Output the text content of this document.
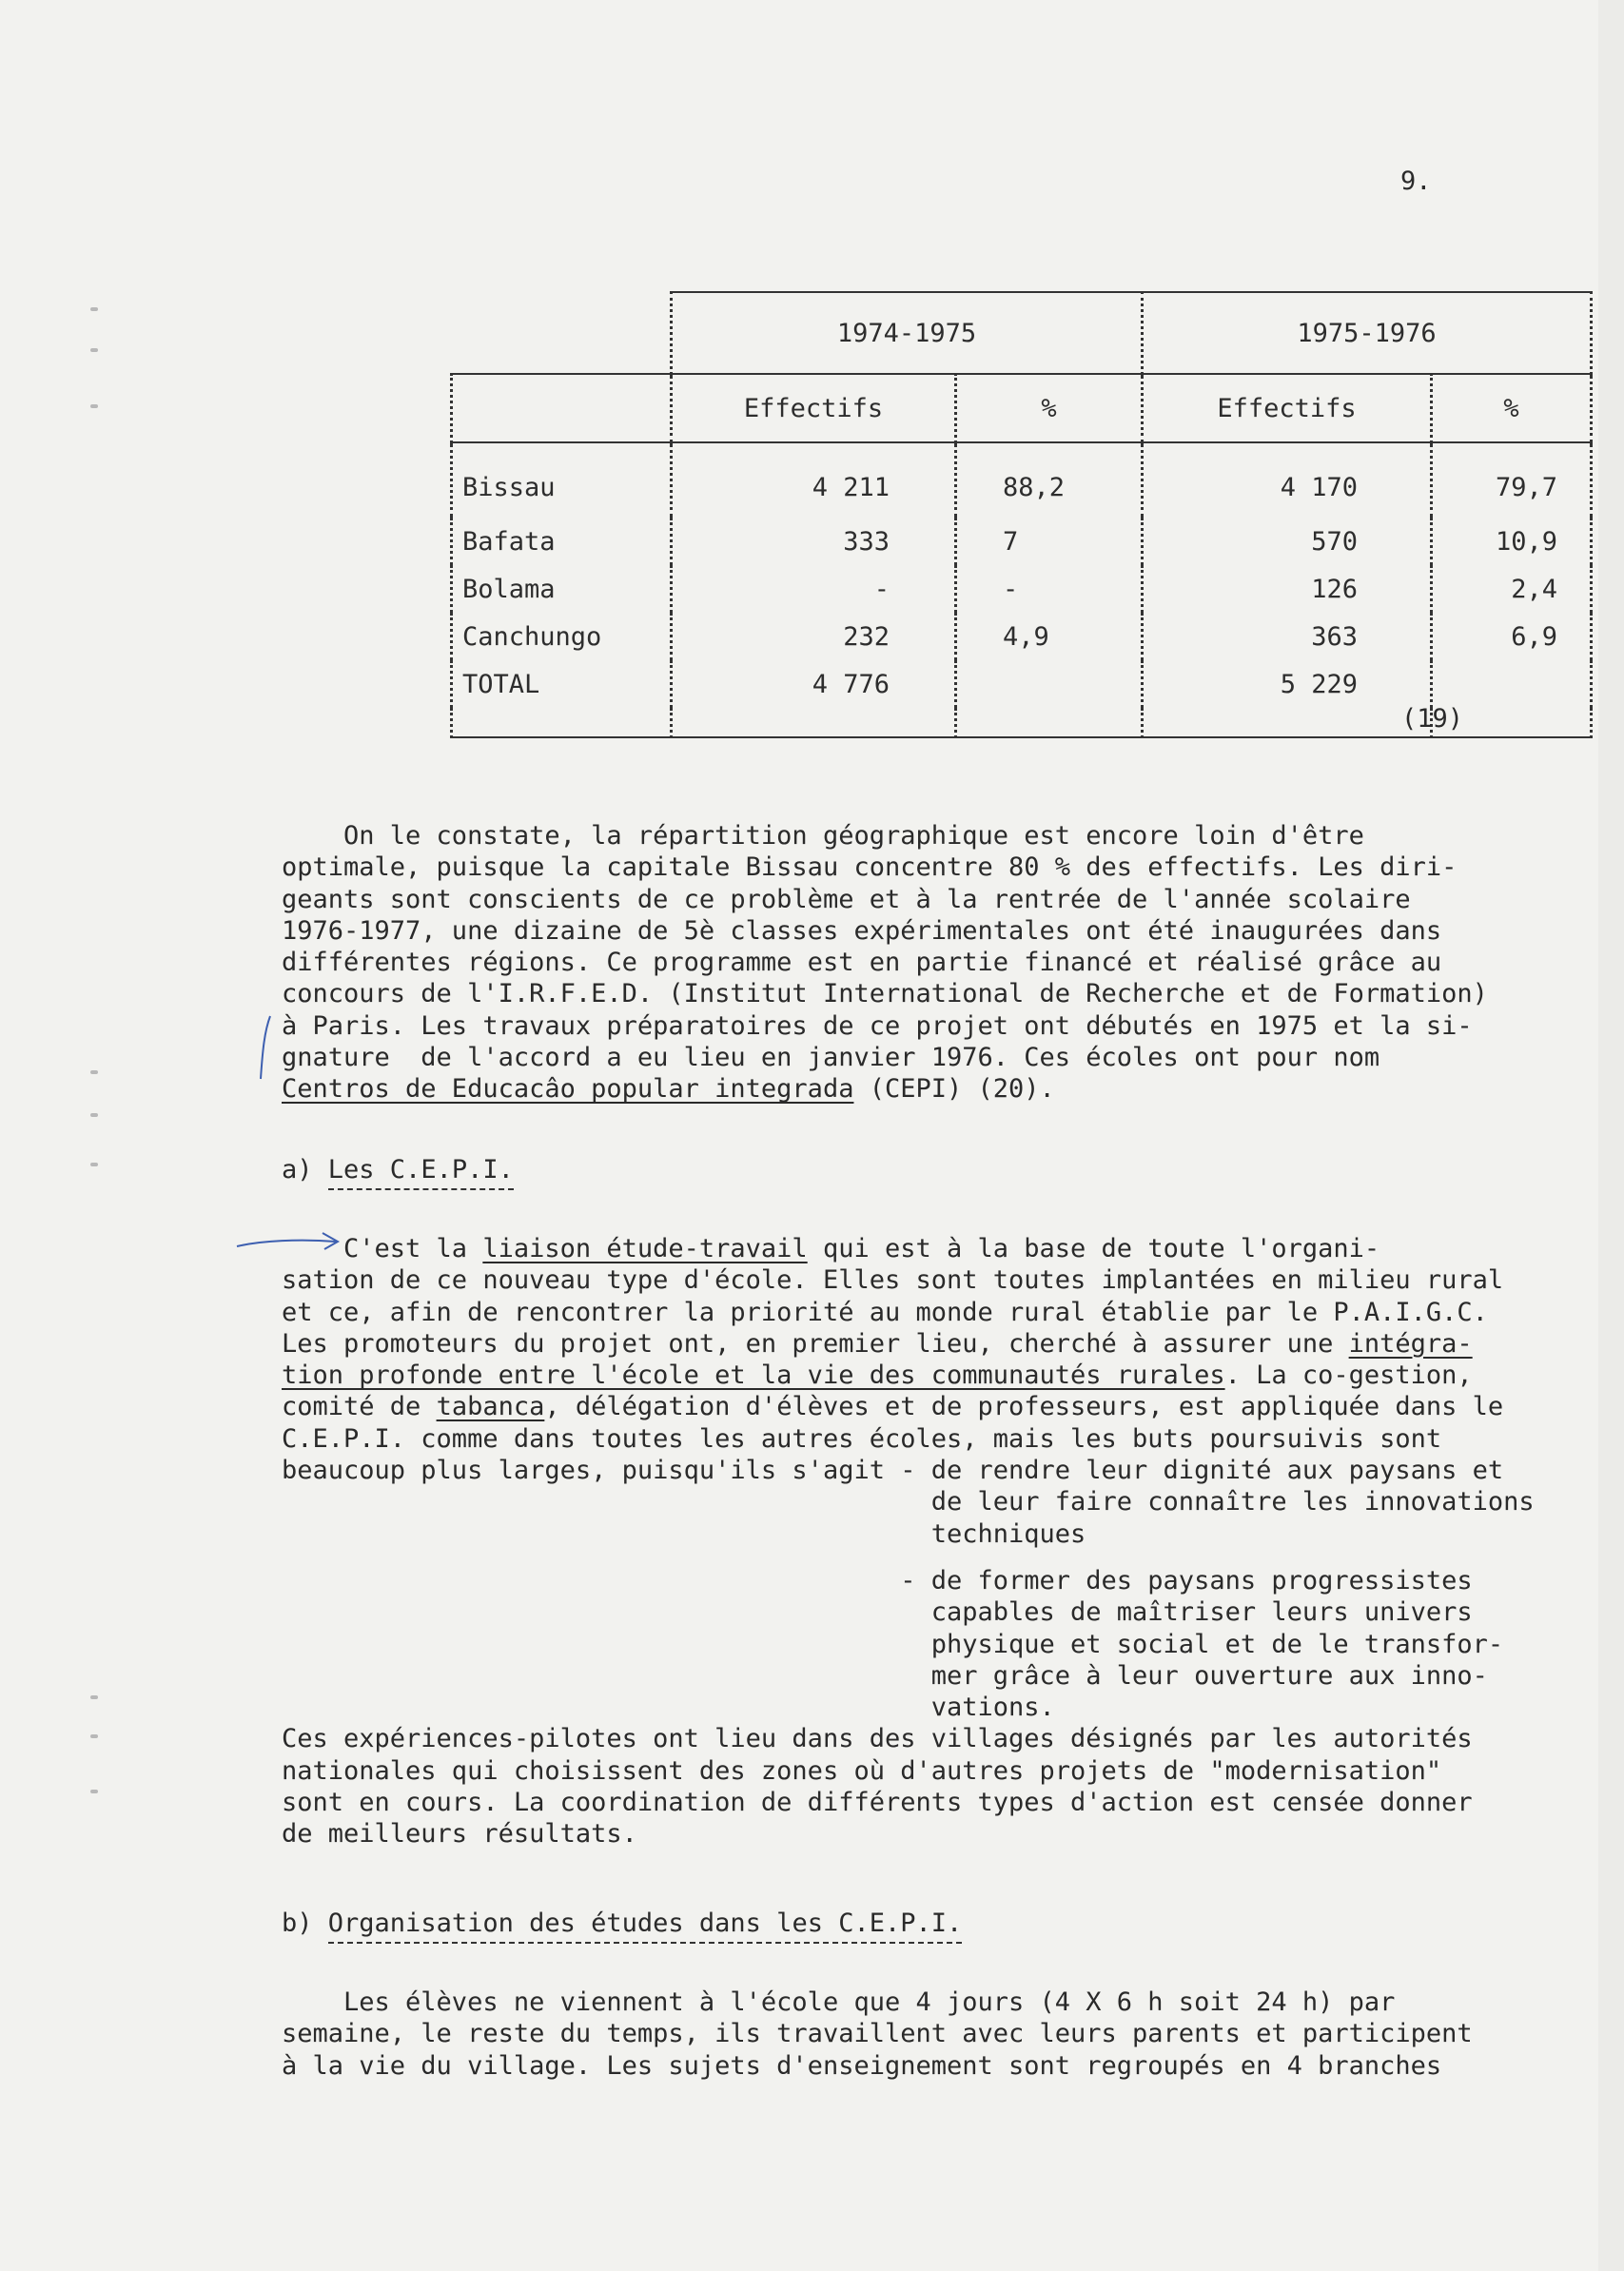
9.
	1974-1975		1975-1976	
	Effectifs	%	Effectifs	%
Bissau	4 211	88,2	4 170	79,7
Bafata	333	7	570	10,9
Bolama	-	-	126	2,4
Canchungo	232	4,9	363	6,9
TOTAL	4 776		5 229	

(19)
On le constate, la répartition géographique est encore loin d'être
optimale, puisque la capitale Bissau concentre 80 % des effectifs. Les diri-
geants sont conscients de ce problème et à la rentrée de l'année scolaire
1976-1977, une dizaine de 5è classes expérimentales ont été inaugurées dans
différentes régions. Ce programme est en partie financé et réalisé grâce au
concours de l'I.R.F.E.D. (Institut International de Recherche et de Formation)
à Paris. Les travaux préparatoires de ce projet ont débutés en 1975 et la si-
gnature  de l'accord a eu lieu en janvier 1976. Ces écoles ont pour nom
Centros de Educacâo popular integrada (CEPI) (20).
a) Les C.E.P.I.
C'est la liaison étude-travail qui est à la base de toute l'organi-
sation de ce nouveau type d'école. Elles sont toutes implantées en milieu rural
et ce, afin de rencontrer la priorité au monde rural établie par le P.A.I.G.C.
Les promoteurs du projet ont, en premier lieu, cherché à assurer une intégra-
tion profonde entre l'école et la vie des communautés rurales. La co-gestion,
comité de tabanca, délégation d'élèves et de professeurs, est appliquée dans le
C.E.P.I. comme dans toutes les autres écoles, mais les buts poursuivis sont
beaucoup plus larges, puisqu'ils s'agit - de rendre leur dignité aux paysans et
de leur faire connaître les innovations
techniques
- de former des paysans progressistes
capables de maîtriser leurs univers
physique et social et de le transfor-
mer grâce à leur ouverture aux inno-
vations.
Ces expériences-pilotes ont lieu dans des villages désignés par les autorités
nationales qui choisissent des zones où d'autres projets de "modernisation"
sont en cours. La coordination de différents types d'action est censée donner
de meilleurs résultats.
b) Organisation des études dans les C.E.P.I.
Les élèves ne viennent à l'école que 4 jours (4 X 6 h soit 24 h) par
semaine, le reste du temps, ils travaillent avec leurs parents et participent
à la vie du village. Les sujets d'enseignement sont regroupés en 4 branches
